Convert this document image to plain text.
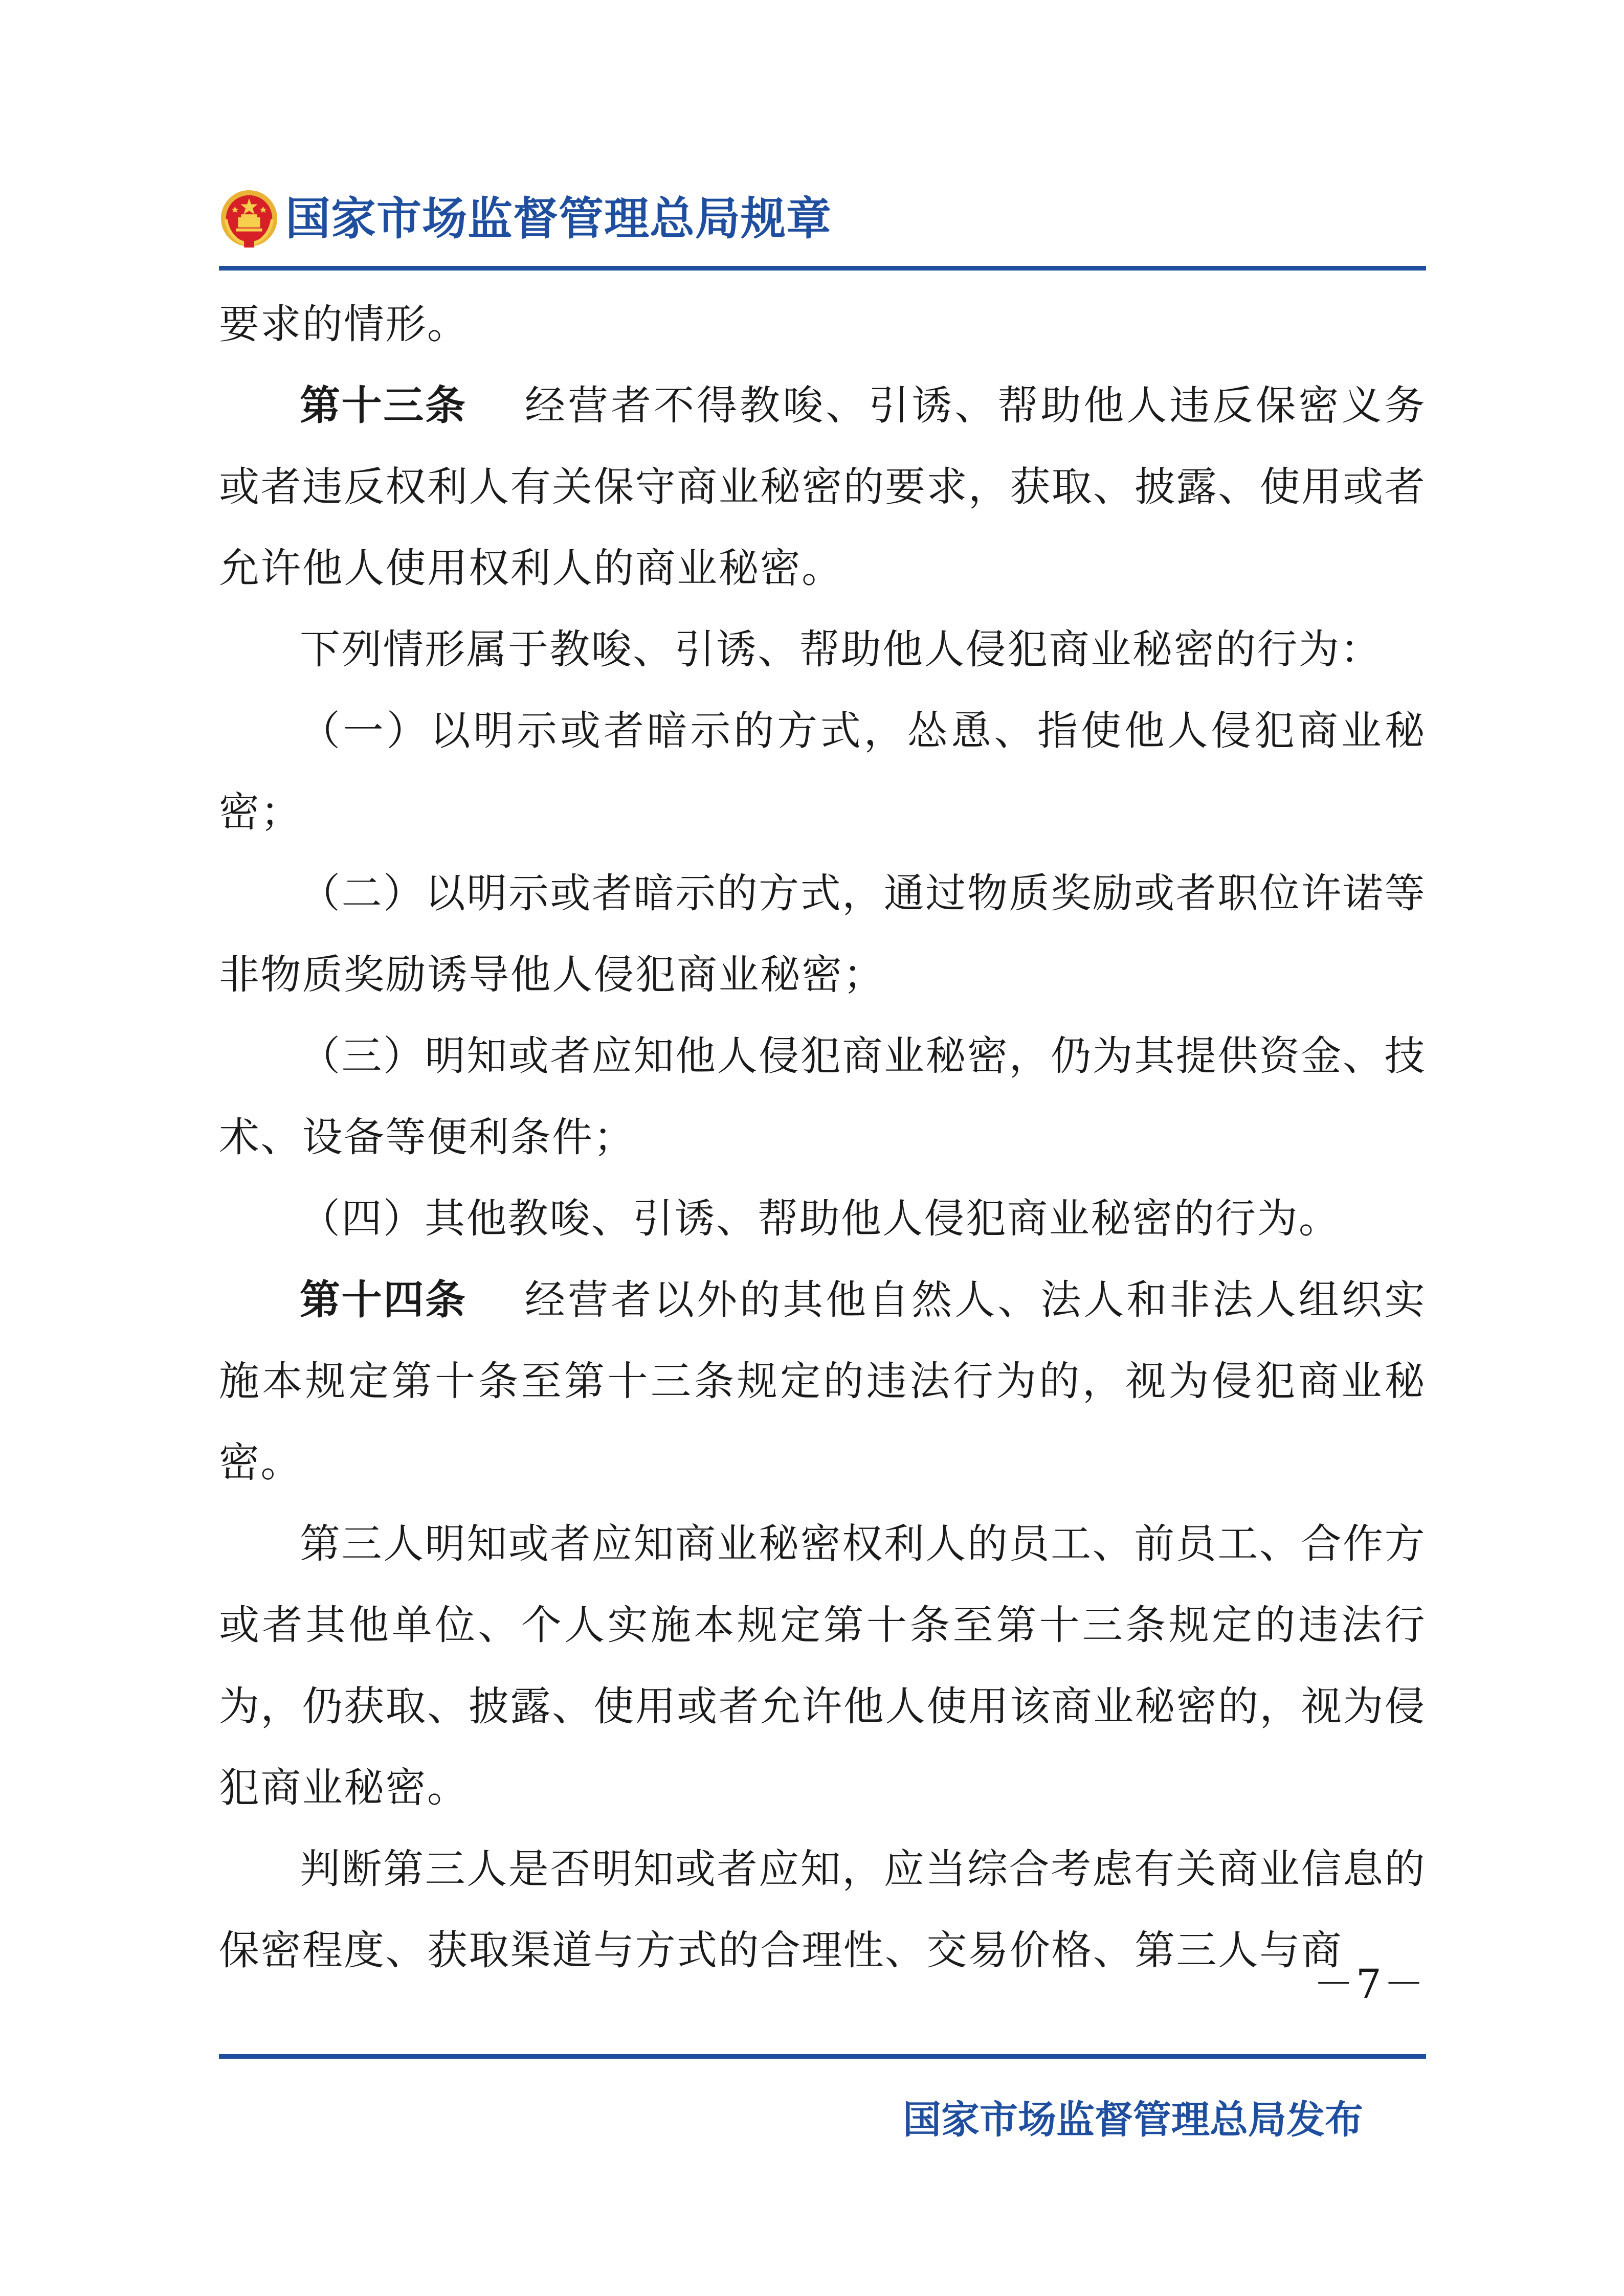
国家市场监督管理总局规章

要求的情形。

第十三条 经营者不得教唆、引诱、帮助他人违反保密义务或者违反权利人有关保守商业秘密的要求，获取、披露、使用或者允许他人使用权利人的商业秘密。

下列情形属于教唆、引诱、帮助他人侵犯商业秘密的行为：

（一）以明示或者暗示的方式，怂恿、指使他人侵犯商业秘密；

（二）以明示或者暗示的方式，通过物质奖励或者职位许诺等非物质奖励诱导他人侵犯商业秘密；

（三）明知或者应知他人侵犯商业秘密，仍为其提供资金、技术、设备等便利条件；

（四）其他教唆、引诱、帮助他人侵犯商业秘密的行为。

第十四条 经营者以外的其他自然人、法人和非法人组织实施本规定第十条至第十三条规定的违法行为的，视为侵犯商业秘密。

第三人明知或者应知商业秘密权利人的员工、前员工、合作方或者其他单位、个人实施本规定第十条至第十三条规定的违法行为，仍获取、披露、使用或者允许他人使用该商业秘密的，视为侵犯商业秘密。

判断第三人是否明知或者应知，应当综合考虑有关商业信息的保密程度、获取渠道与方式的合理性、交易价格、第三人与商

－7－
国家市场监督管理总局发布
